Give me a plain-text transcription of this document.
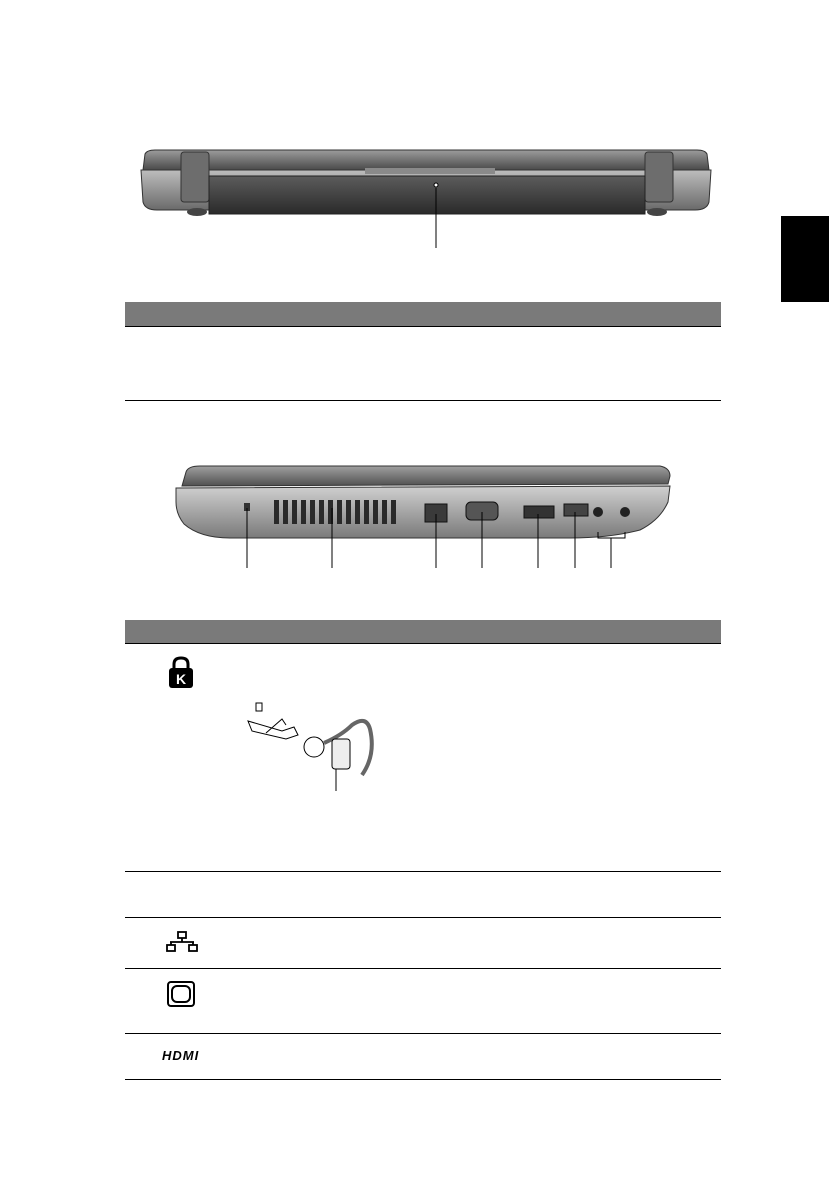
K
HDMI
